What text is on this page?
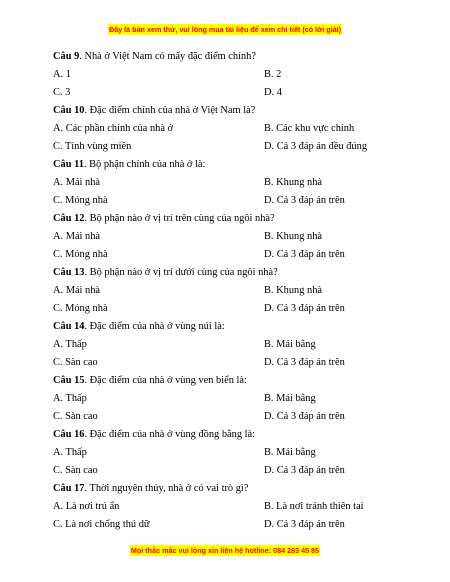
Đây là bản xem thử, vui lòng mua tài liệu để xem chi tiết (có lời giải)
Câu 9. Nhà ở Việt Nam có mấy đặc điểm chính?
A. 1	B. 2
C. 3	D. 4
Câu 10. Đặc điểm chính của nhà ở Việt Nam là?
A. Các phần chính của nhà ở	B. Các khu vực chính
C. Tính vùng miền	D. Cả 3 đáp án đều đúng
Câu 11. Bộ phận chính của nhà ở là:
A. Mái nhà	B. Khung nhà
C. Móng nhà	D. Cả 3 đáp án trên
Câu 12. Bộ phận nào ở vị trí trên cùng của ngôi nhà?
A. Mái nhà	B. Khung nhà
C. Móng nhà	D. Cả 3 đáp án trên
Câu 13. Bộ phận nào ở vị trí dưới cùng của ngôi nhà?
A. Mái nhà	B. Khung nhà
C. Móng nhà	D. Cả 3 đáp án trên
Câu 14. Đặc điểm của nhà ở vùng núi là:
A. Thấp	B. Mái bằng
C. Sàn cao	D. Cả 3 đáp án trên
Câu 15. Đặc điểm của nhà ở vùng ven biển là:
A. Thấp	B. Mái bằng
C. Sàn cao	D. Cả 3 đáp án trên
Câu 16. Đặc điểm của nhà ở vùng đồng bằng là:
A. Thấp	B. Mái bằng
C. Sàn cao	D. Cả 3 đáp án trên
Câu 17. Thời nguyên thủy, nhà ở có vai trò gì?
A. Là nơi trú ẩn	B. Là nơi tránh thiên tai
C. Là nơi chống thú dữ	D. Cả 3 đáp án trên
Mọi thắc mắc vui lòng xin liên hệ hotline: 084 283 45 85
